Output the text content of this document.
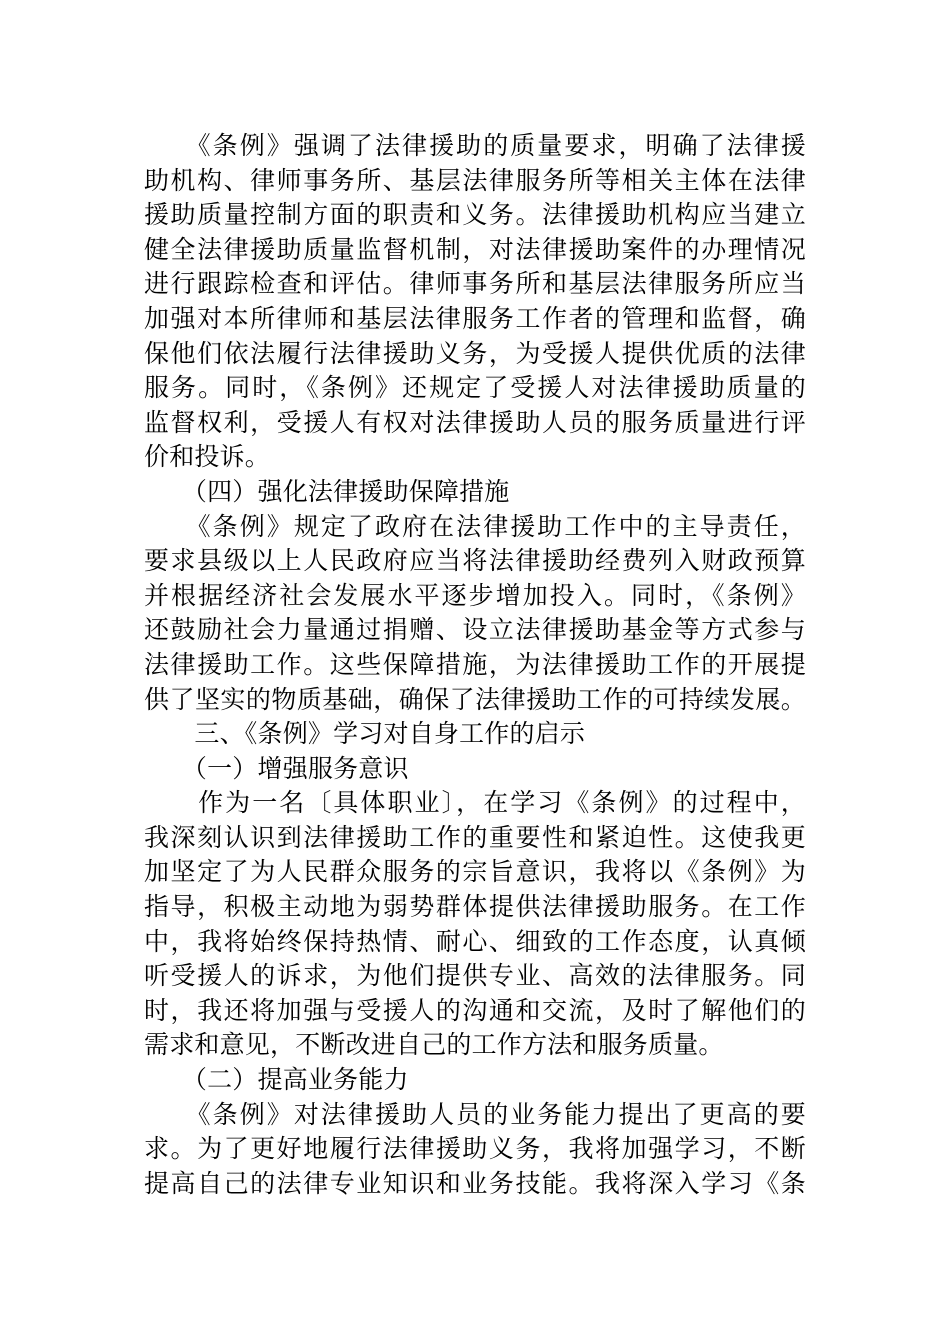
　　《条例》强调了法律援助的质量要求，明确了法律援
助机构、律师事务所、基层法律服务所等相关主体在法律
援助质量控制方面的职责和义务。法律援助机构应当建立
健全法律援助质量监督机制，对法律援助案件的办理情况
进行跟踪检查和评估。律师事务所和基层法律服务所应当
加强对本所律师和基层法律服务工作者的管理和监督，确
保他们依法履行法律援助义务，为受援人提供优质的法律
服务。同时，《条例》还规定了受援人对法律援助质量的
监督权利，受援人有权对法律援助人员的服务质量进行评
价和投诉。
　　（四）强化法律援助保障措施
　　《条例》规定了政府在法律援助工作中的主导责任，
要求县级以上人民政府应当将法律援助经费列入财政预算
并根据经济社会发展水平逐步增加投入。同时，《条例》
还鼓励社会力量通过捐赠、设立法律援助基金等方式参与
法律援助工作。这些保障措施，为法律援助工作的开展提
供了坚实的物质基础，确保了法律援助工作的可持续发展。
　　三、《条例》学习对自身工作的启示
　　（一）增强服务意识
　　作为一名〔具体职业〕，在学习《条例》的过程中，
我深刻认识到法律援助工作的重要性和紧迫性。这使我更
加坚定了为人民群众服务的宗旨意识，我将以《条例》为
指导，积极主动地为弱势群体提供法律援助服务。在工作
中，我将始终保持热情、耐心、细致的工作态度，认真倾
听受援人的诉求，为他们提供专业、高效的法律服务。同
时，我还将加强与受援人的沟通和交流，及时了解他们的
需求和意见，不断改进自己的工作方法和服务质量。
　　（二）提高业务能力
　　《条例》对法律援助人员的业务能力提出了更高的要
求。为了更好地履行法律援助义务，我将加强学习，不断
提高自己的法律专业知识和业务技能。我将深入学习《条
